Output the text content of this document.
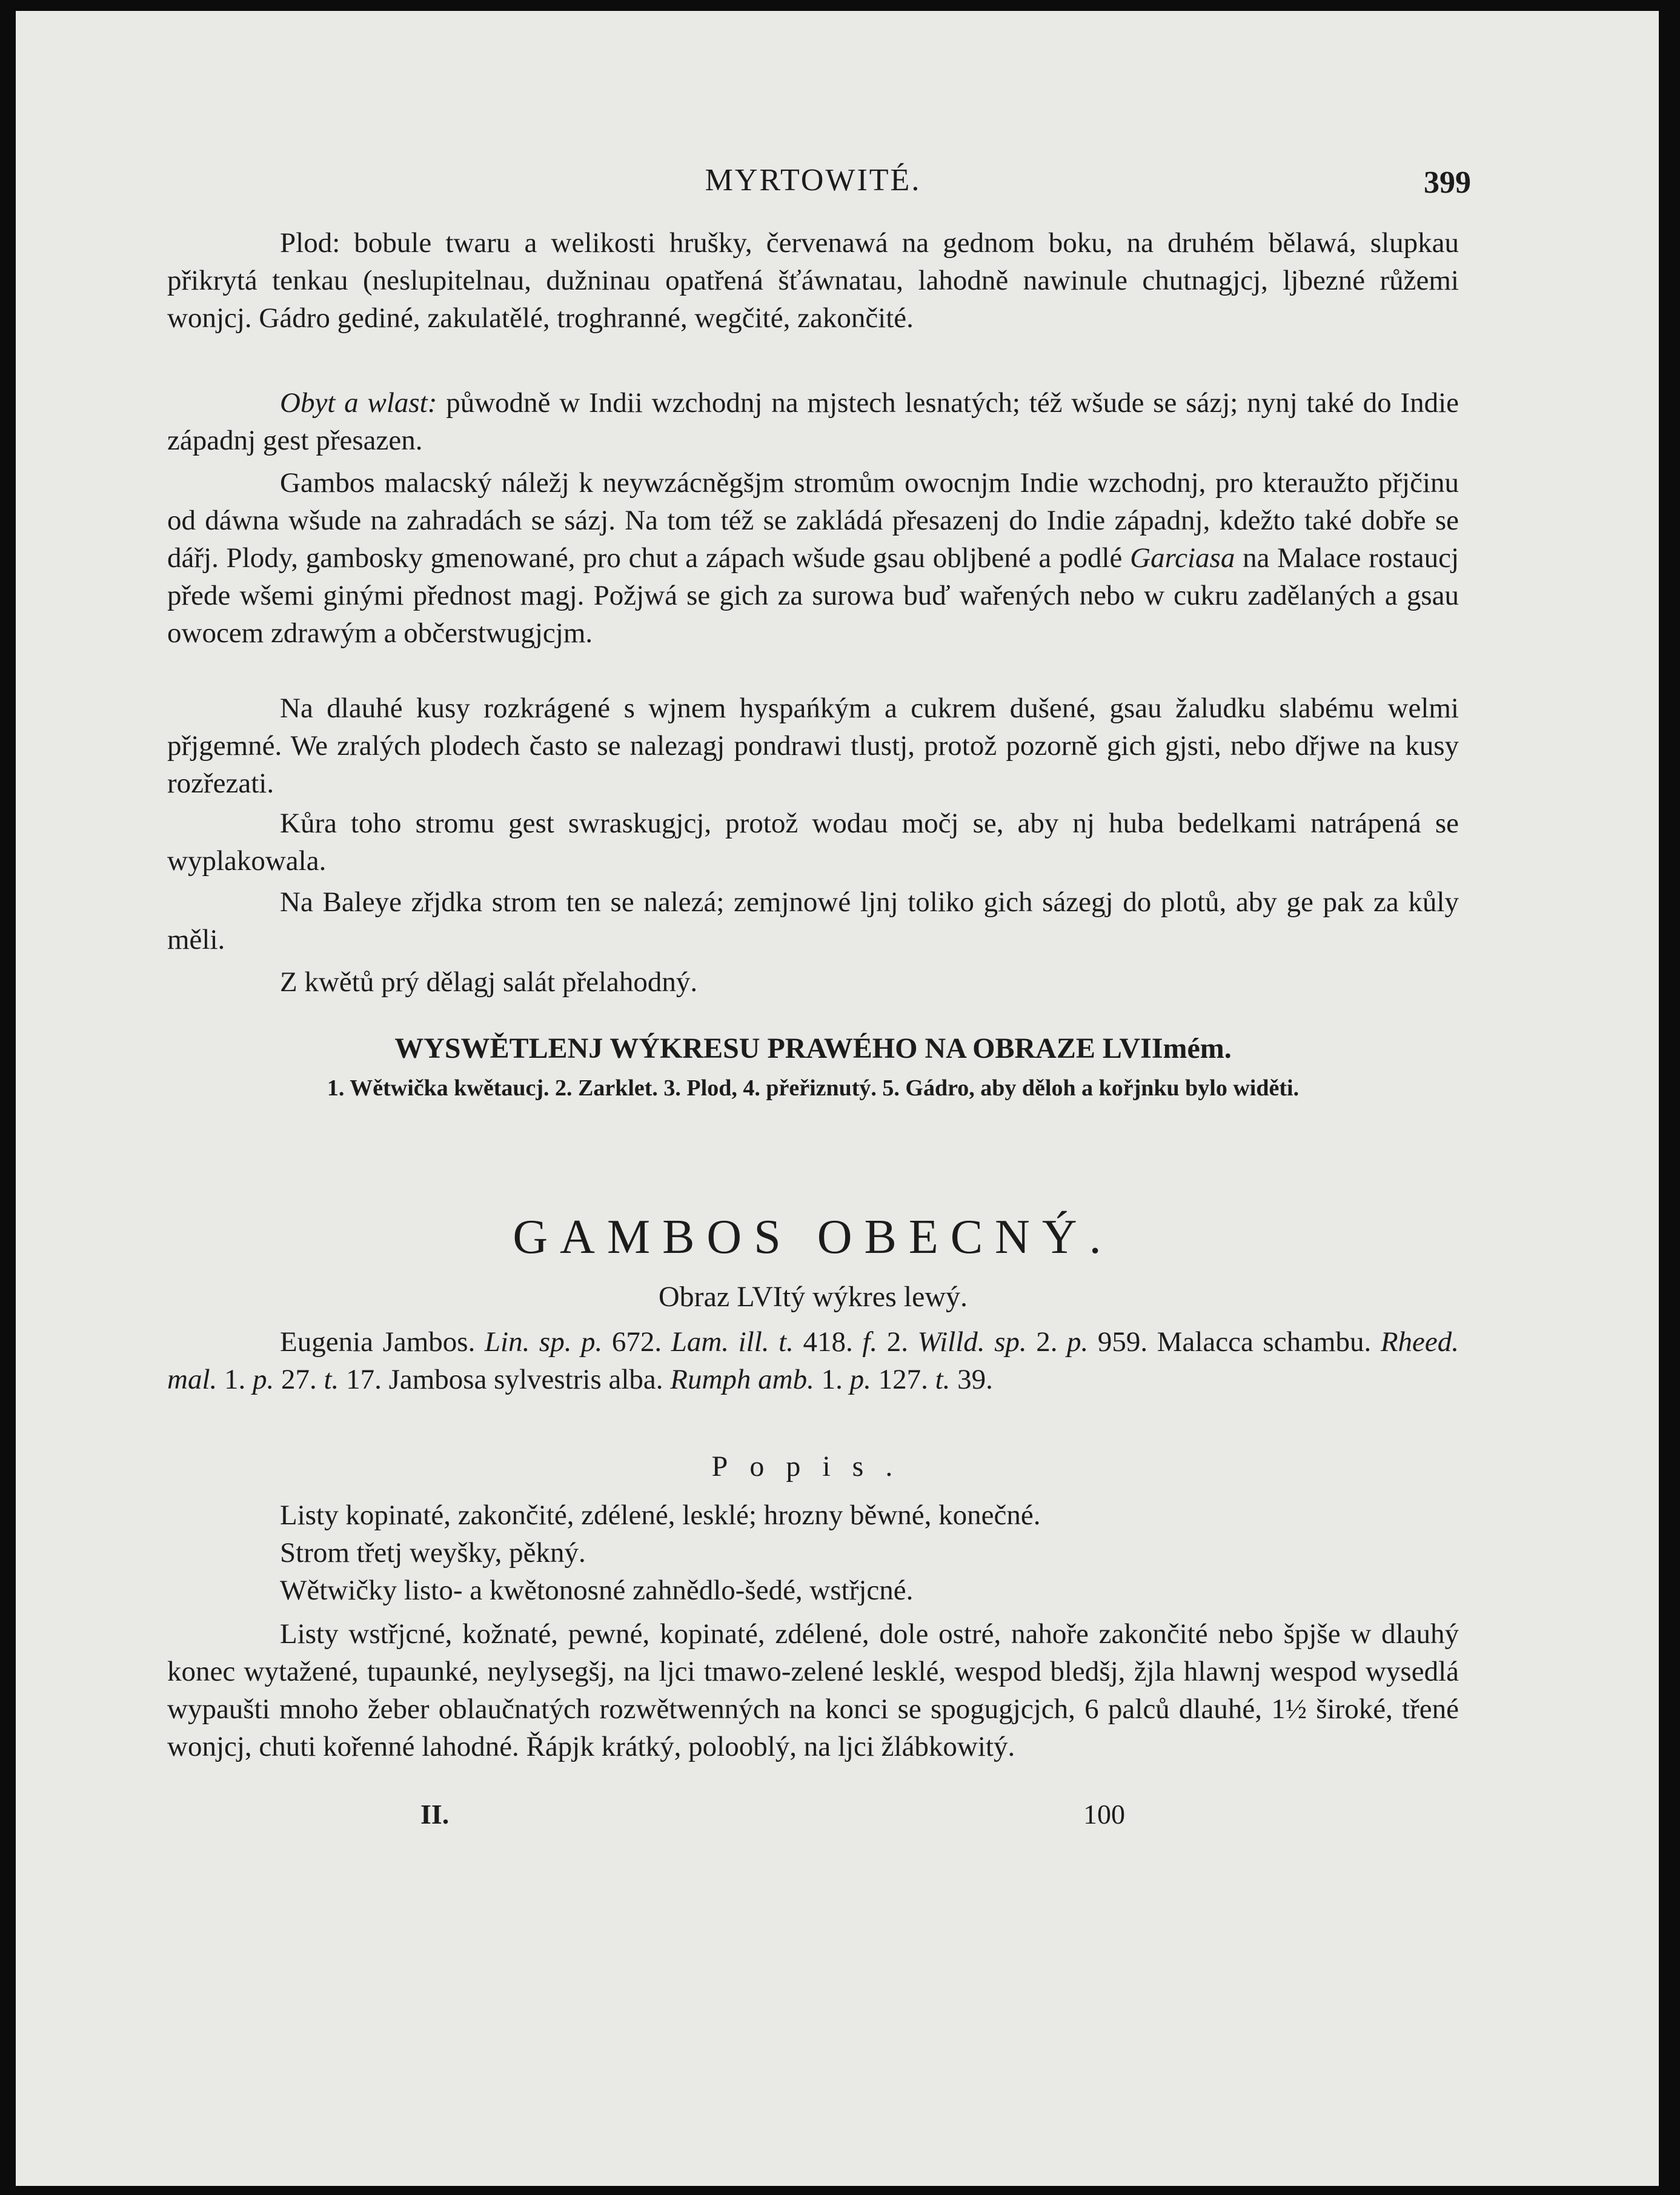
MYRTOWITÉ.	399

Plod: bobule twaru a welikosti hrušky, červenawá na gednom boku, na druhém bělawá, slupkau přikrytá tenkau (neslupitelnau, dužninau opatřená šťáwnatau, lahodně nawinule chutnagjcj, ljbezné růžemi wonjcj. Gádro gediné, zakulatělé, troghranné, wegčité, zakončité.

Obyt a wlast: půwodně w Indii wzchodnj na mjstech lesnatých; též wšude se sázj; nynj také do Indie západnj gest přesazen.

Gambos malacský náležj k neywzácněgšjm stromům owocnjm Indie wzchodnj, pro kteraužto přjčinu od dáwna wšude na zahradách se sázj. Na tom též se zakládá přesazenj do Indie západnj, kdežto také dobře se dářj. Plody, gambosky gmenowané, pro chut a zápach wšude gsau obljbené a podlé Garciasa na Malace rostaucj přede wšemi ginými přednost magj. Požjwá se gich za surowa buď wařených nebo w cukru zadělaných a gsau owocem zdrawým a občerstwugjcjm.

Na dlauhé kusy rozkrágené s wjnem hyspańkým a cukrem dušené, gsau žaludku slabému welmi přjgemné. We zralých plodech často se nalezagj pondrawi tlustj, protož pozorně gich gjsti, nebo dřjwe na kusy rozřezati.

Kůra toho stromu gest swraskugjcj, protož wodau močj se, aby nj huba bedelkami natrápená se wyplakowala.

Na Baleye zřjdka strom ten se nalezá; zemjnowé ljnj toliko gich sázegj do plotů, aby ge pak za kůly měli.

Z kwětů prý dělagj salát přelahodný.

WYSWĚTLENJ WÝKRESU PRAWÉHO NA OBRAZE LVIImém.

1. Wětwička kwětaucj. 2. Zarklet. 3. Plod, 4. přeřiznutý. 5. Gádro, aby děloh a kořjnku bylo widěti.

GAMBOS OBECNÝ.

Obraz LVItý wýkres lewý.

Eugenia Jambos. Lin. sp. p. 672. Lam. ill. t. 418. f. 2. Willd. sp. 2. p. 959. Malacca schambu. Rheed. mal. 1. p. 27. t. 17. Jambosa sylvestris alba. Rumph amb. 1. p. 127. t. 39.

Popis.

Listy kopinaté, zakončité, zdélené, lesklé; hrozny běwné, konečné.

Strom třetj weyšky, pěkný.

Wětwičky listo- a kwětonosné zahnědlo-šedé, wstřjcné.

Listy wstřjcné, kožnaté, pewné, kopinaté, zdélené, dole ostré, nahoře zakončité nebo špjše w dlauhý konec wytažené, tupaunké, neylysegšj, na ljci tmawo-zelené lesklé, wespod bledšj, žjla hlawnj wespod wysedlá wypaušti mnoho žeber oblaučnatých rozwětwenných na konci se spogugjcjch, 6 palců dlauhé, 1½ široké, třené wonjcj, chuti kořenné lahodné. Řápjk krátký, polooblý, na ljci žlábkowitý.

II.	100
